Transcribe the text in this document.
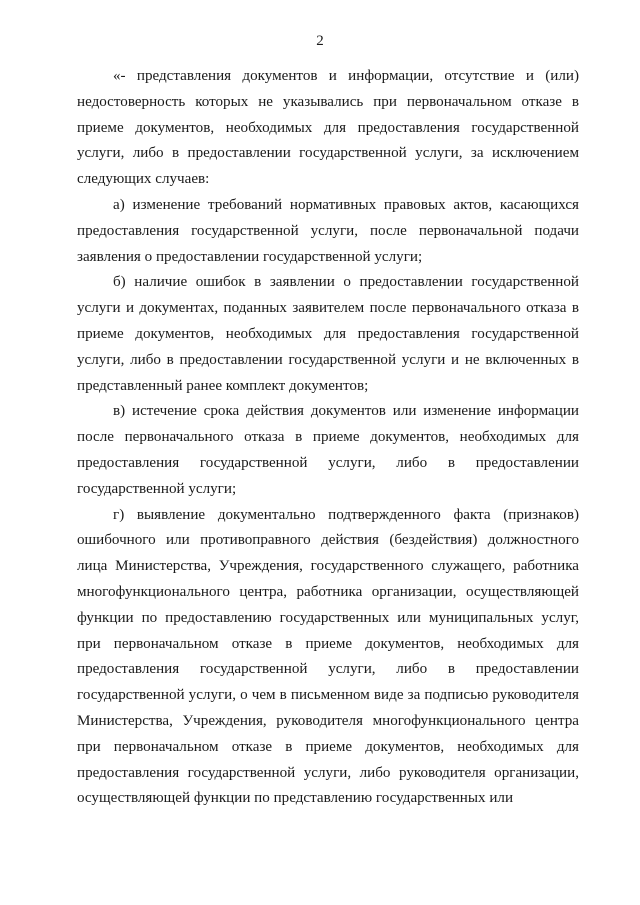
2

«- представления документов и информации, отсутствие и (или) недостоверность которых не указывались при первоначальном отказе в приеме документов, необходимых для предоставления государственной услуги, либо в предоставлении государственной услуги, за исключением следующих случаев:

а) изменение требований нормативных правовых актов, касающихся предоставления государственной услуги, после первоначальной подачи заявления о предоставлении государственной услуги;

б) наличие ошибок в заявлении о предоставлении государственной услуги и документах, поданных заявителем после первоначального отказа в приеме документов, необходимых для предоставления государственной услуги, либо в предоставлении государственной услуги и не включенных в представленный ранее комплект документов;

в) истечение срока действия документов или изменение информации после первоначального отказа в приеме документов, необходимых для предоставления государственной услуги, либо в предоставлении государственной услуги;

г) выявление документально подтвержденного факта (признаков) ошибочного или противоправного действия (бездействия) должностного лица Министерства, Учреждения, государственного служащего, работника многофункционального центра, работника организации, осуществляющей функции по предоставлению государственных или муниципальных услуг, при первоначальном отказе в приеме документов, необходимых для предоставления государственной услуги, либо в предоставлении государственной услуги, о чем в письменном виде за подписью руководителя Министерства, Учреждения, руководителя многофункционального центра при первоначальном отказе в приеме документов, необходимых для предоставления государственной услуги, либо руководителя организации, осуществляющей функции по представлению государственных или
